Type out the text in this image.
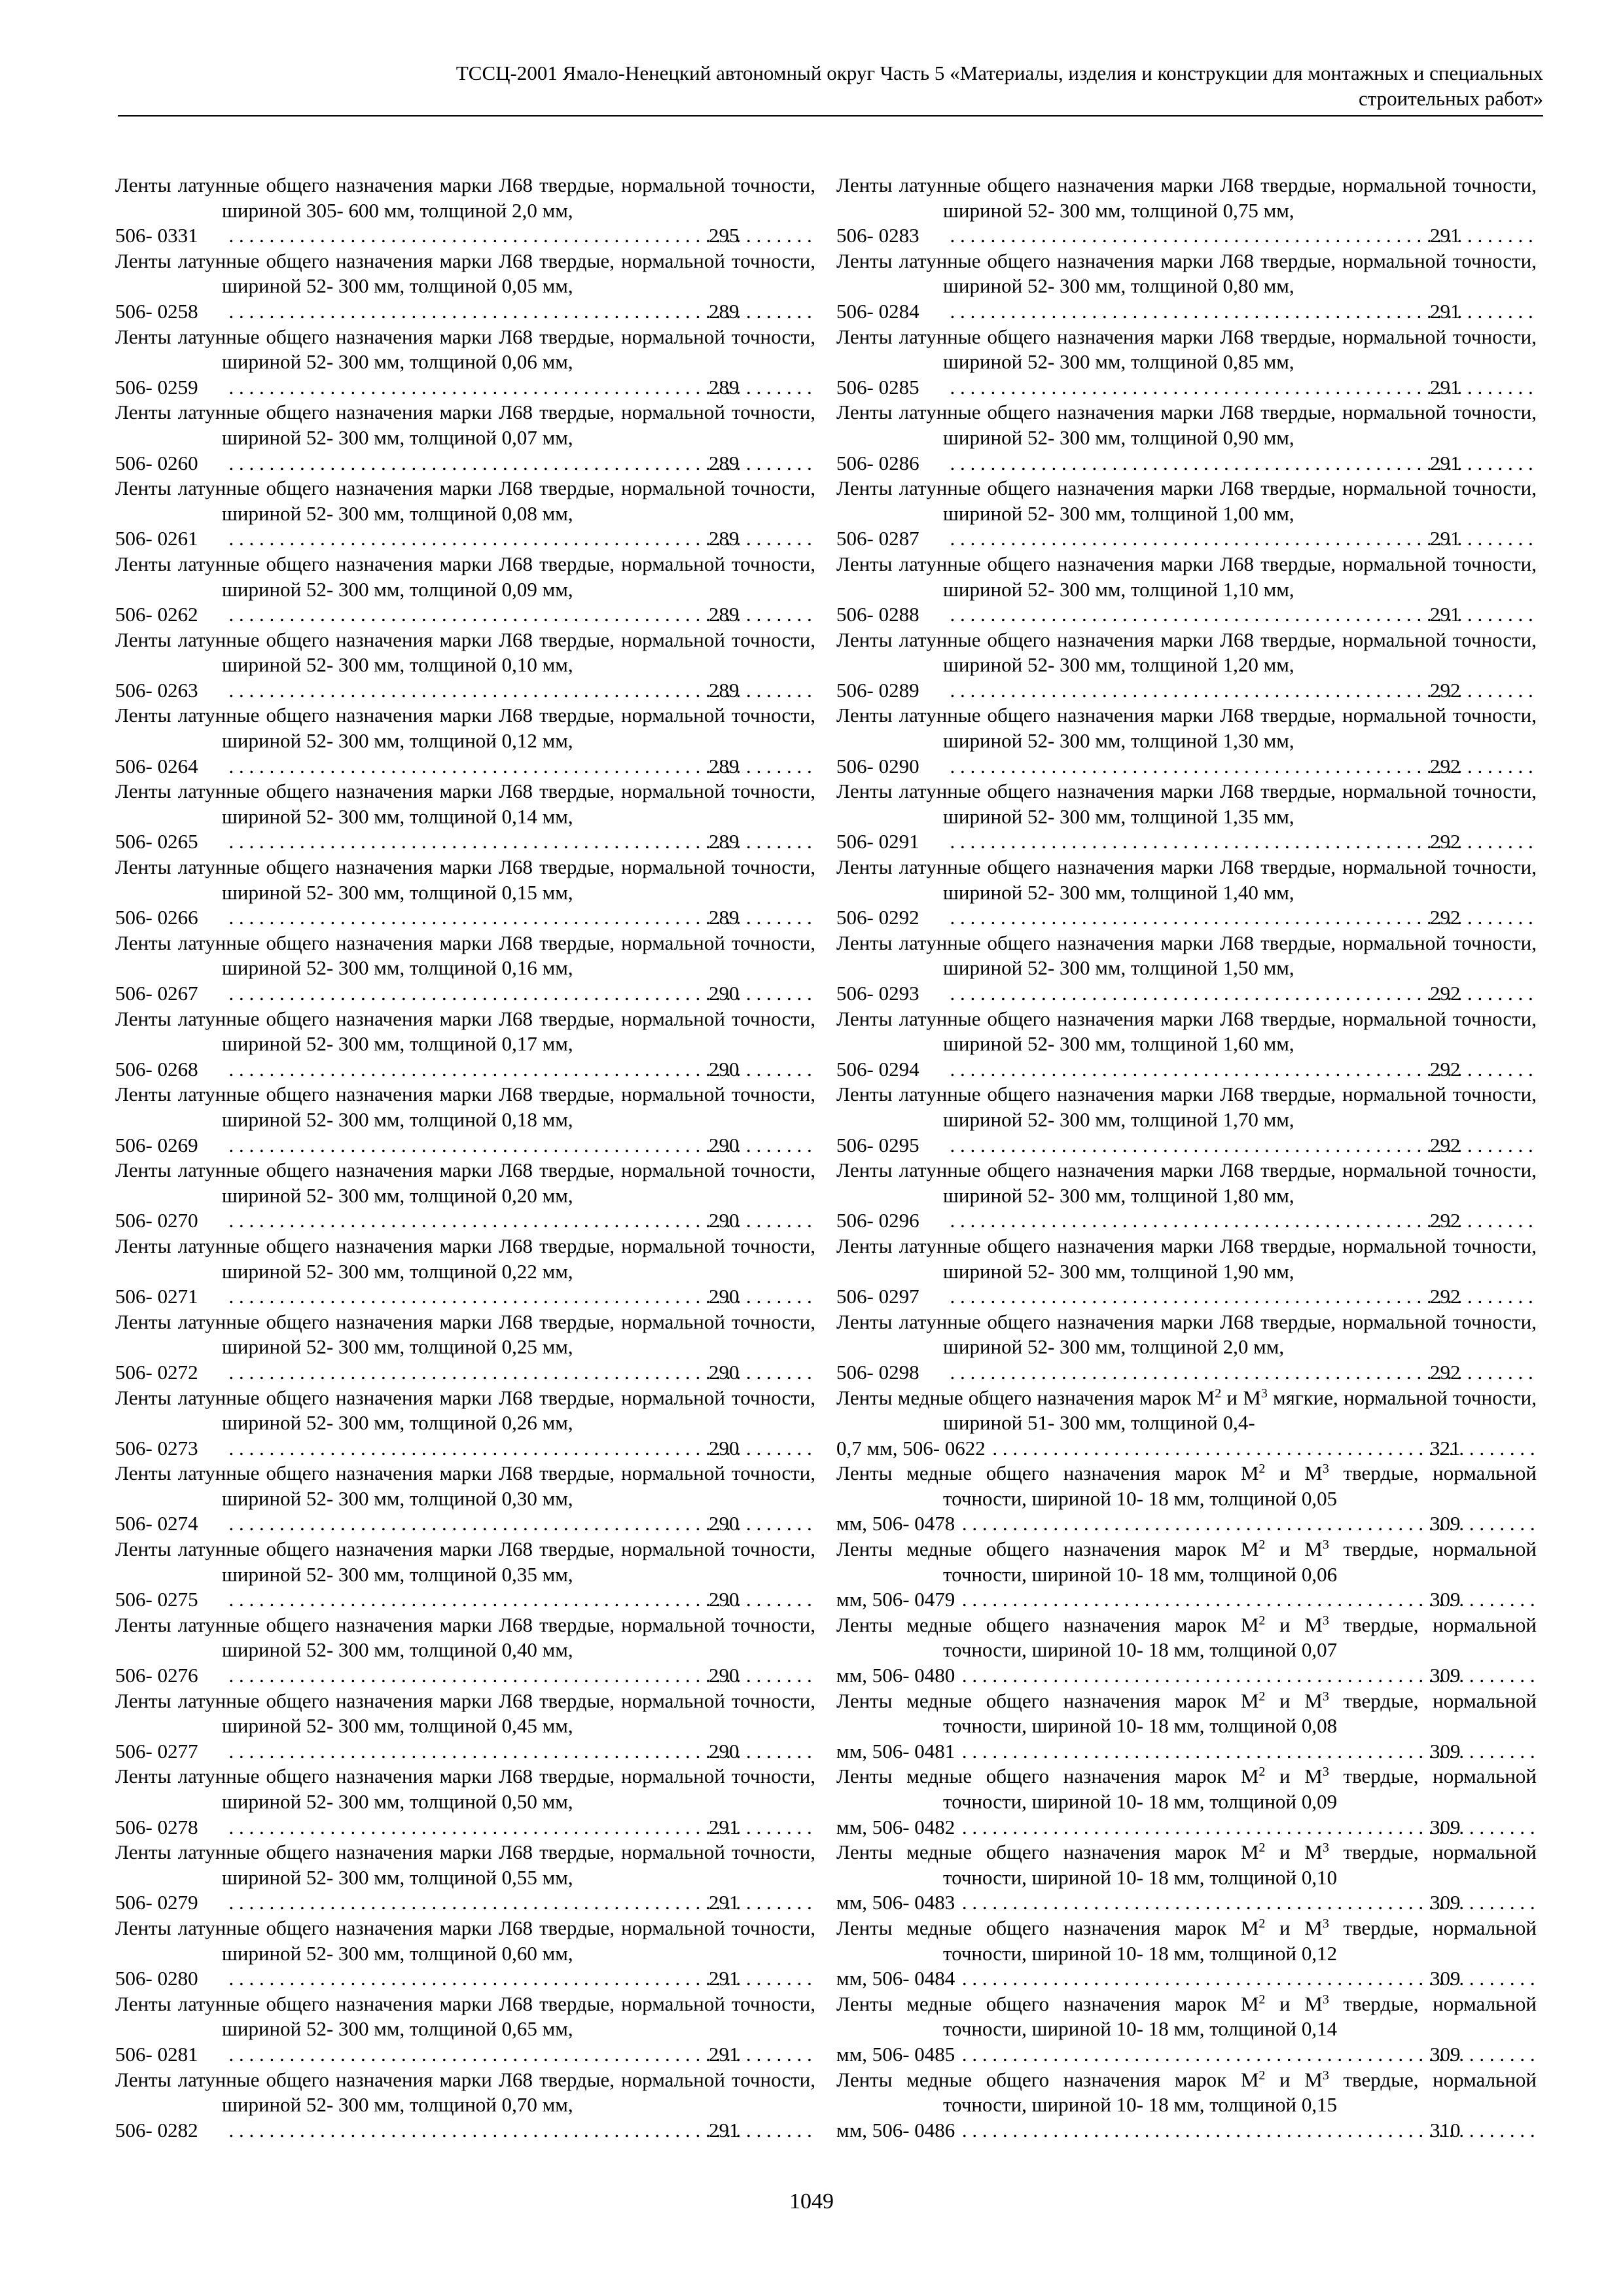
ТССЦ-2001 Ямало-Ненецкий автономный округ Часть 5 «Материалы, изделия и конструкции для монтажных и специальных
строительных работ»
Ленты латунные общего назначения марки Л68 твердые, нормальной точности, шириной 305- 600 мм, толщиной 2,0 мм,
506- 0331 . . .	295
Ленты латунные общего назначения марки Л68 твердые, нормальной точности, шириной 52- 300 мм, толщиной 0,05 мм,
506- 0258 . . .	289
Ленты латунные общего назначения марки Л68 твердые, нормальной точности, шириной 52- 300 мм, толщиной 0,06 мм,
506- 0259 . . .	289
Ленты латунные общего назначения марки Л68 твердые, нормальной точности, шириной 52- 300 мм, толщиной 0,07 мм,
506- 0260 . . .	289
Ленты латунные общего назначения марки Л68 твердые, нормальной точности, шириной 52- 300 мм, толщиной 0,08 мм,
506- 0261 . . .	289
Ленты латунные общего назначения марки Л68 твердые, нормальной точности, шириной 52- 300 мм, толщиной 0,09 мм,
506- 0262 . . .	289
Ленты латунные общего назначения марки Л68 твердые, нормальной точности, шириной 52- 300 мм, толщиной 0,10 мм,
506- 0263 . . .	289
Ленты латунные общего назначения марки Л68 твердые, нормальной точности, шириной 52- 300 мм, толщиной 0,12 мм,
506- 0264 . . .	289
Ленты латунные общего назначения марки Л68 твердые, нормальной точности, шириной 52- 300 мм, толщиной 0,14 мм,
506- 0265 . . .	289
Ленты латунные общего назначения марки Л68 твердые, нормальной точности, шириной 52- 300 мм, толщиной 0,15 мм,
506- 0266 . . .	289
Ленты латунные общего назначения марки Л68 твердые, нормальной точности, шириной 52- 300 мм, толщиной 0,16 мм,
506- 0267 . . .	290
Ленты латунные общего назначения марки Л68 твердые, нормальной точности, шириной 52- 300 мм, толщиной 0,17 мм,
506- 0268 . . .	290
Ленты латунные общего назначения марки Л68 твердые, нормальной точности, шириной 52- 300 мм, толщиной 0,18 мм,
506- 0269 . . .	290
Ленты латунные общего назначения марки Л68 твердые, нормальной точности, шириной 52- 300 мм, толщиной 0,20 мм,
506- 0270 . . .	290
Ленты латунные общего назначения марки Л68 твердые, нормальной точности, шириной 52- 300 мм, толщиной 0,22 мм,
506- 0271 . . .	290
Ленты латунные общего назначения марки Л68 твердые, нормальной точности, шириной 52- 300 мм, толщиной 0,25 мм,
506- 0272 . . .	290
Ленты латунные общего назначения марки Л68 твердые, нормальной точности, шириной 52- 300 мм, толщиной 0,26 мм,
506- 0273 . . .	290
Ленты латунные общего назначения марки Л68 твердые, нормальной точности, шириной 52- 300 мм, толщиной 0,30 мм,
506- 0274 . . .	290
Ленты латунные общего назначения марки Л68 твердые, нормальной точности, шириной 52- 300 мм, толщиной 0,35 мм,
506- 0275 . . .	290
Ленты латунные общего назначения марки Л68 твердые, нормальной точности, шириной 52- 300 мм, толщиной 0,40 мм,
506- 0276 . . .	290
Ленты латунные общего назначения марки Л68 твердые, нормальной точности, шириной 52- 300 мм, толщиной 0,45 мм,
506- 0277 . . .	290
Ленты латунные общего назначения марки Л68 твердые, нормальной точности, шириной 52- 300 мм, толщиной 0,50 мм,
506- 0278 . . .	291
Ленты латунные общего назначения марки Л68 твердые, нормальной точности, шириной 52- 300 мм, толщиной 0,55 мм,
506- 0279 . . .	291
Ленты латунные общего назначения марки Л68 твердые, нормальной точности, шириной 52- 300 мм, толщиной 0,60 мм,
506- 0280 . . .	291
Ленты латунные общего назначения марки Л68 твердые, нормальной точности, шириной 52- 300 мм, толщиной 0,65 мм,
506- 0281 . . .	291
Ленты латунные общего назначения марки Л68 твердые, нормальной точности, шириной 52- 300 мм, толщиной 0,70 мм,
506- 0282 . . .	291
Ленты латунные общего назначения марки Л68 твердые, нормальной точности, шириной 52- 300 мм, толщиной 0,75 мм,
506- 0283 . . .	291
Ленты латунные общего назначения марки Л68 твердые, нормальной точности, шириной 52- 300 мм, толщиной 0,80 мм,
506- 0284 . . .	291
Ленты латунные общего назначения марки Л68 твердые, нормальной точности, шириной 52- 300 мм, толщиной 0,85 мм,
506- 0285 . . .	291
Ленты латунные общего назначения марки Л68 твердые, нормальной точности, шириной 52- 300 мм, толщиной 0,90 мм,
506- 0286 . . .	291
Ленты латунные общего назначения марки Л68 твердые, нормальной точности, шириной 52- 300 мм, толщиной 1,00 мм,
506- 0287 . . .	291
Ленты латунные общего назначения марки Л68 твердые, нормальной точности, шириной 52- 300 мм, толщиной 1,10 мм,
506- 0288 . . .	291
Ленты латунные общего назначения марки Л68 твердые, нормальной точности, шириной 52- 300 мм, толщиной 1,20 мм,
506- 0289 . . .	292
Ленты латунные общего назначения марки Л68 твердые, нормальной точности, шириной 52- 300 мм, толщиной 1,30 мм,
506- 0290 . . .	292
Ленты латунные общего назначения марки Л68 твердые, нормальной точности, шириной 52- 300 мм, толщиной 1,35 мм,
506- 0291 . . .	292
Ленты латунные общего назначения марки Л68 твердые, нормальной точности, шириной 52- 300 мм, толщиной 1,40 мм,
506- 0292 . . .	292
Ленты латунные общего назначения марки Л68 твердые, нормальной точности, шириной 52- 300 мм, толщиной 1,50 мм,
506- 0293 . . .	292
Ленты латунные общего назначения марки Л68 твердые, нормальной точности, шириной 52- 300 мм, толщиной 1,60 мм,
506- 0294 . . .	292
Ленты латунные общего назначения марки Л68 твердые, нормальной точности, шириной 52- 300 мм, толщиной 1,70 мм,
506- 0295 . . .	292
Ленты латунные общего назначения марки Л68 твердые, нормальной точности, шириной 52- 300 мм, толщиной 1,80 мм,
506- 0296 . . .	292
Ленты латунные общего назначения марки Л68 твердые, нормальной точности, шириной 52- 300 мм, толщиной 1,90 мм,
506- 0297 . . .	292
Ленты латунные общего назначения марки Л68 твердые, нормальной точности, шириной 52- 300 мм, толщиной 2,0 мм,
506- 0298 . . .	292
Ленты медные общего назначения марок $М^2$ и $М^3$ мягкие, нормальной точности, шириной 51- 300 мм, толщиной 0,4-
0,7 мм, 506- 0622 . . .	321
Ленты медные общего назначения марок $М^2$ и $М^3$ твердые, нормальной точности, шириной 10- 18 мм, толщиной 0,05
мм, 506- 0478 . . .	309
Ленты медные общего назначения марок $М^2$ и $М^3$ твердые, нормальной точности, шириной 10- 18 мм, толщиной 0,06
мм, 506- 0479 . . .	309
Ленты медные общего назначения марок $М^2$ и $М^3$ твердые, нормальной точности, шириной 10- 18 мм, толщиной 0,07
мм, 506- 0480 . . .	309
Ленты медные общего назначения марок $М^2$ и $М^3$ твердые, нормальной точности, шириной 10- 18 мм, толщиной 0,08
мм, 506- 0481 . . .	309
Ленты медные общего назначения марок $М^2$ и $М^3$ твердые, нормальной точности, шириной 10- 18 мм, толщиной 0,09
мм, 506- 0482 . . .	309
Ленты медные общего назначения марок $М^2$ и $М^3$ твердые, нормальной точности, шириной 10- 18 мм, толщиной 0,10
мм, 506- 0483 . . .	309
Ленты медные общего назначения марок $М^2$ и $М^3$ твердые, нормальной точности, шириной 10- 18 мм, толщиной 0,12
мм, 506- 0484 . . .	309
Ленты медные общего назначения марок $М^2$ и $М^3$ твердые, нормальной точности, шириной 10- 18 мм, толщиной 0,14
мм, 506- 0485 . . .	309
Ленты медные общего назначения марок $М^2$ и $М^3$ твердые, нормальной точности, шириной 10- 18 мм, толщиной 0,15
мм, 506- 0486 . . .	310
1049
